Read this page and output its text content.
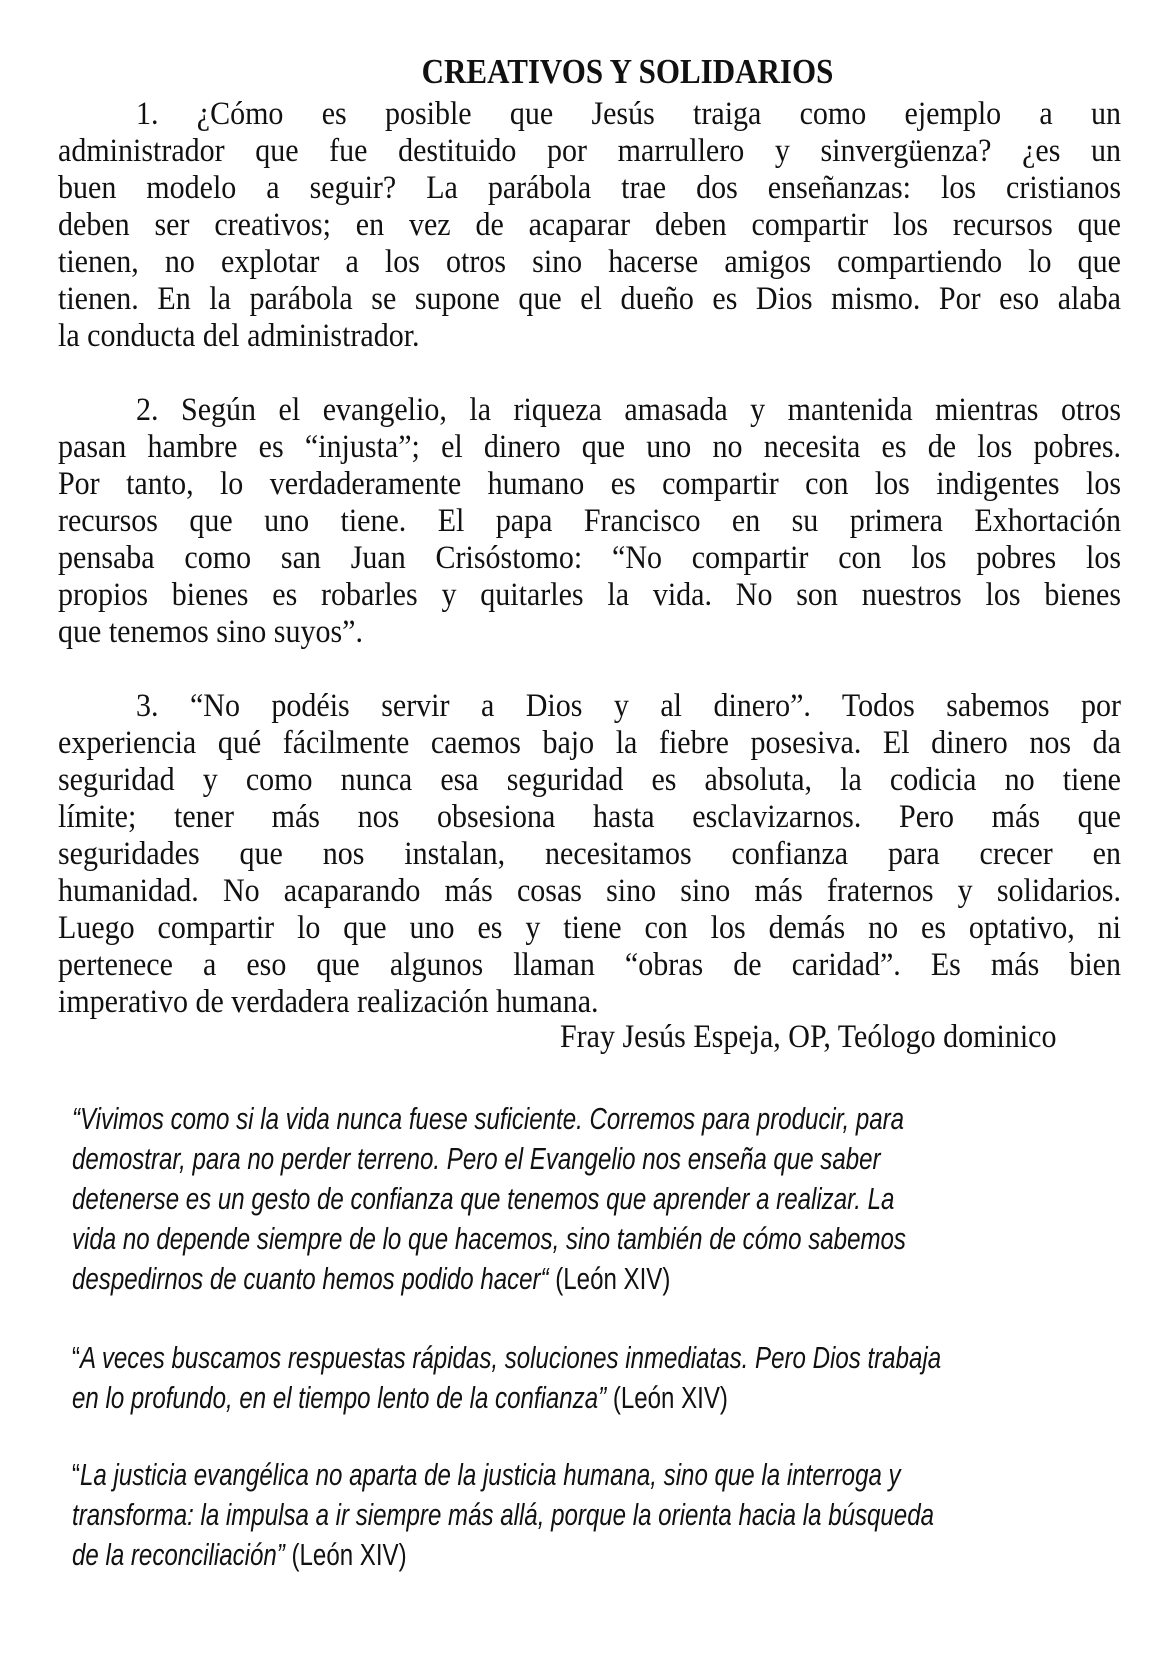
CREATIVOS Y SOLIDARIOS
1. ¿Cómo es posible que Jesús traiga como ejemplo a un
administrador que fue destituido por marrullero y sinvergüenza? ¿es un
buen modelo a seguir? La parábola trae dos enseñanzas: los cristianos
deben ser creativos; en vez de acaparar deben compartir los recursos que
tienen, no explotar a los otros sino hacerse amigos compartiendo lo que
tienen. En la parábola se supone que el dueño es Dios mismo. Por eso alaba
la conducta del administrador.
2. Según el evangelio, la riqueza amasada y mantenida mientras otros
pasan hambre es “injusta”; el dinero que uno no necesita es de los pobres.
Por tanto, lo verdaderamente humano es compartir con los indigentes los
recursos que uno tiene. El papa Francisco en su primera Exhortación
pensaba como san Juan Crisóstomo: “No compartir con los pobres los
propios bienes es robarles y quitarles la vida. No son nuestros los bienes
que tenemos sino suyos”.
3. “No podéis servir a Dios y al dinero”. Todos sabemos por
experiencia qué fácilmente caemos bajo la fiebre posesiva. El dinero nos da
seguridad y como nunca esa seguridad es absoluta, la codicia no tiene
límite; tener más nos obsesiona hasta esclavizarnos. Pero más que
seguridades que nos instalan, necesitamos confianza para crecer en
humanidad. No acaparando más cosas sino sino más fraternos y solidarios.
Luego compartir lo que uno es y tiene con los demás no es optativo, ni
pertenece a eso que algunos llaman “obras de caridad”. Es más bien
imperativo de verdadera realización humana.
Fray Jesús Espeja, OP, Teólogo dominico
“Vivimos como si la vida nunca fuese suficiente. Corremos para producir, para
demostrar, para no perder terreno. Pero el Evangelio nos enseña que saber
detenerse es un gesto de confianza que tenemos que aprender a realizar. La
vida no depende siempre de lo que hacemos, sino también de cómo sabemos
despedirnos de cuanto hemos podido hacer“ (León XIV)
“A veces buscamos respuestas rápidas, soluciones inmediatas. Pero Dios trabaja
en lo profundo, en el tiempo lento de la confianza” (León XIV)
“La justicia evangélica no aparta de la justicia humana, sino que la interroga y
transforma: la impulsa a ir siempre más allá, porque la orienta hacia la búsqueda
de la reconciliación” (León XIV)
